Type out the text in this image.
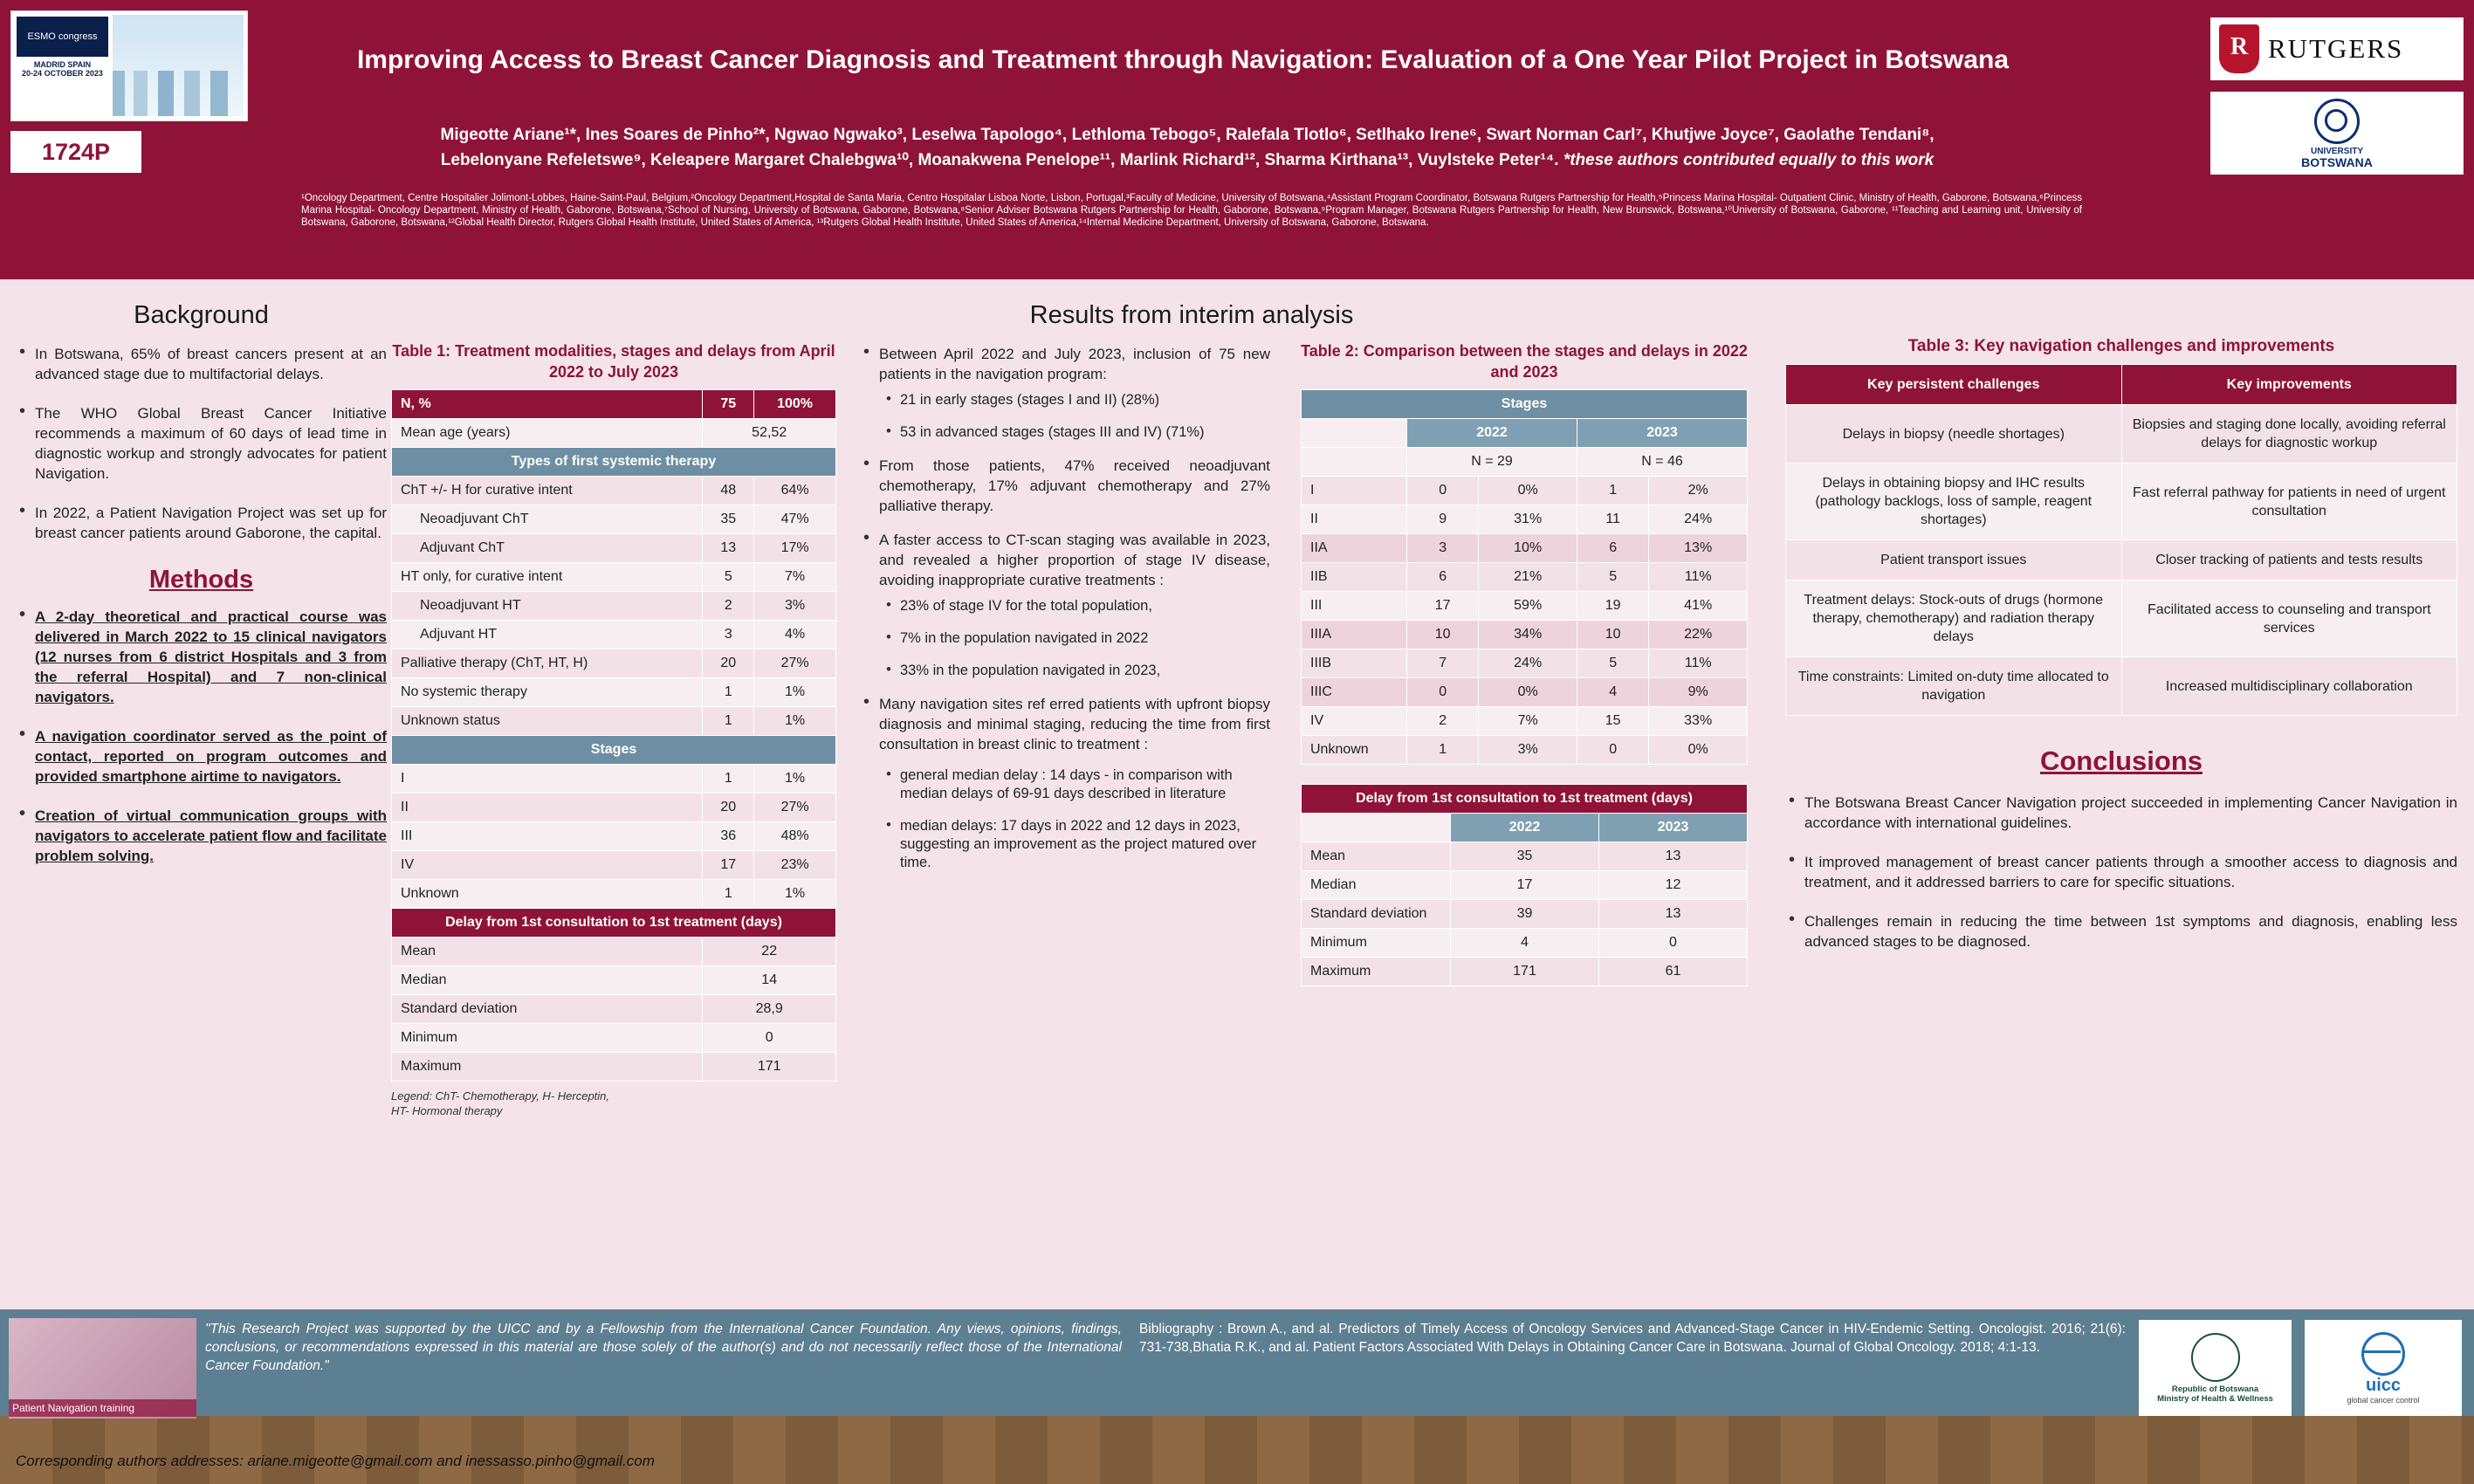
ESMO congress
MADRID SPAIN
20-24 OCTOBER 2023
1724P
Improving Access to Breast Cancer Diagnosis and Treatment through Navigation: Evaluation of a One Year Pilot Project in Botswana
Migeotte Ariane¹*, Ines Soares de Pinho²*, Ngwao Ngwako³, Leselwa Tapologo⁴, Lethloma Tebogo⁵, Ralefala Tlotlo⁶, Setlhako Irene⁶, Swart Norman Carl⁷, Khutjwe Joyce⁷, Gaolathe Tendani⁸,
Lebelonyane Refeletswe⁹, Keleapere Margaret Chalebgwa¹⁰, Moanakwena Penelope¹¹, Marlink Richard¹², Sharma Kirthana¹³, Vuylsteke Peter¹⁴. *these authors contributed equally to this work
¹Oncology Department, Centre Hospitalier Jolimont-Lobbes, Haine-Saint-Paul, Belgium,²Oncology Department,Hospital de Santa Maria, Centro Hospitalar Lisboa Norte, Lisbon, Portugal,³Faculty of Medicine, University of Botswana,⁴Assistant Program Coordinator, Botswana Rutgers Partnership for Health,⁵Princess Marina Hospital- Outpatient Clinic, Ministry of Health, Gaborone, Botswana,⁶Princess Marina Hospital- Oncology Department, Ministry of Health, Gaborone, Botswana,⁷School of Nursing, University of Botswana, Gaborone, Botswana,⁸Senior Adviser Botswana Rutgers Partnership for Health, Gaborone, Botswana,⁹Program Manager, Botswana Rutgers Partnership for Health, New Brunswick, Botswana,¹⁰University of Botswana, Gaborone, ¹¹Teaching and Learning unit, University of Botswana, Gaborone, Botswana,¹²Global Health Director, Rutgers Global Health Institute, United States of America, ¹³Rutgers Global Health Institute, United States of America,¹⁴Internal Medicine Department, University of Botswana, Gaborone, Botswana.
R
RUTGERS
UNIVERSITY
BOTSWANA
Background
• In Botswana, 65% of breast cancers present at an advanced stage due to multifactorial delays.
• The WHO Global Breast Cancer Initiative recommends a maximum of 60 days of lead time in diagnostic workup and strongly advocates for patient Navigation.
• In 2022, a Patient Navigation Project was set up for breast cancer patients around Gaborone, the capital.
Methods
• A 2-day theoretical and practical course was delivered in March 2022 to 15 clinical navigators (12 nurses from 6 district Hospitals and 3 from the referral Hospital) and 7 non-clinical navigators.
• A navigation coordinator served as the point of contact, reported on program outcomes and provided smartphone airtime to navigators.
• Creation of virtual communication groups with navigators to accelerate patient flow and facilitate problem solving.
Table 1: Treatment modalities, stages and delays from April 2022 to July 2023
N, %	75	100%
Mean age (years)	52,52	
Types of first systemic therapy		
ChT +/- H for curative intent	48	64%
Neoadjuvant ChT	35	47%
Adjuvant ChT	13	17%
HT only, for curative intent	5	7%
Neoadjuvant HT	2	3%
Adjuvant HT	3	4%
Palliative therapy (ChT, HT, H)	20	27%
No systemic therapy	1	1%
Unknown status	1	1%
Stages		
I	1	1%
II	20	27%
III	36	48%
IV	17	23%
Unknown	1	1%
Delay from 1st consultation to 1st treatment (days)		
Mean	22	
Median	14	
Standard deviation	28,9	
Minimum	0	
Maximum	171	
Legend: ChT- Chemotherapy, H- Herceptin,
HT- Hormonal therapy
Results from interim analysis
• Between April 2022 and July 2023, inclusion of 75 new patients in the navigation program:
• 21 in early stages (stages I and II) (28%)
• 53 in advanced stages (stages III and IV) (71%)
• From those patients, 47% received neoadjuvant chemotherapy, 17% adjuvant chemotherapy and 27% palliative therapy.
• A faster access to CT-scan staging was available in 2023, and revealed a higher proportion of stage IV disease, avoiding inappropriate curative treatments :
• 23% of stage IV for the total population,
• 7% in the population navigated in 2022
• 33% in the population navigated in 2023,
• Many navigation sites ref erred patients with upfront biopsy diagnosis and minimal staging, reducing the time from first consultation in breast clinic to treatment :
• general median delay : 14 days - in comparison with median delays of 69-91 days described in literature
• median delays: 17 days in 2022 and 12 days in 2023, suggesting an improvement as the project matured over time.
Table 2: Comparison between the stages and delays in 2022 and 2023
Stages				
	2022		2023	
	N = 29		N = 46	
I	0	0%	1	2%
II	9	31%	11	24%
IIA	3	10%	6	13%
IIB	6	21%	5	11%
III	17	59%	19	41%
IIIA	10	34%	10	22%
IIIB	7	24%	5	11%
IIIC	0	0%	4	9%
IV	2	7%	15	33%
Unknown	1	3%	0	0%
Delay from 1st consultation to 1st treatment (days)		
	2022	2023
Mean	35	13
Median	17	12
Standard deviation	39	13
Minimum	4	0
Maximum	171	61
Table 3: Key navigation challenges and improvements
Key persistent challenges	Key improvements
Delays in biopsy (needle shortages)	Biopsies and staging done locally, avoiding referral delays for diagnostic workup
Delays in obtaining biopsy and IHC results (pathology backlogs, loss of sample, reagent shortages)	Fast referral pathway for patients in need of urgent consultation
Patient transport issues	Closer tracking of patients and tests results
Treatment delays: Stock-outs of drugs (hormone therapy, chemotherapy) and radiation therapy delays	Facilitated access to counseling and transport services
Time constraints: Limited on-duty time allocated to navigation	Increased multidisciplinary collaboration
Conclusions
• The Botswana Breast Cancer Navigation project succeeded in implementing Cancer Navigation in accordance with international guidelines.
• It improved management of breast cancer patients through a smoother access to diagnosis and treatment, and it addressed barriers to care for specific situations.
• Challenges remain in reducing the time between 1st symptoms and diagnosis, enabling less advanced stages to be diagnosed.
Patient Navigation training
"This Research Project was supported by the UICC and by a Fellowship from the International Cancer Foundation. Any views, opinions, findings, conclusions, or recommendations expressed in this material are those solely of the author(s) and do not necessarily reflect those of the International Cancer Foundation."
Bibliography : Brown A., and al. Predictors of Timely Access of Oncology Services and Advanced-Stage Cancer in HIV-Endemic Setting. Oncologist. 2016; 21(6): 731-738,Bhatia R.K., and al. Patient Factors Associated With Delays in Obtaining Cancer Care in Botswana. Journal of Global Oncology. 2018; 4:1-13.
Republic of Botswana
Ministry of Health & Wellness
uicc
global cancer control
Corresponding authors addresses: ariane.migeotte@gmail.com and inessasso.pinho@gmail.com
